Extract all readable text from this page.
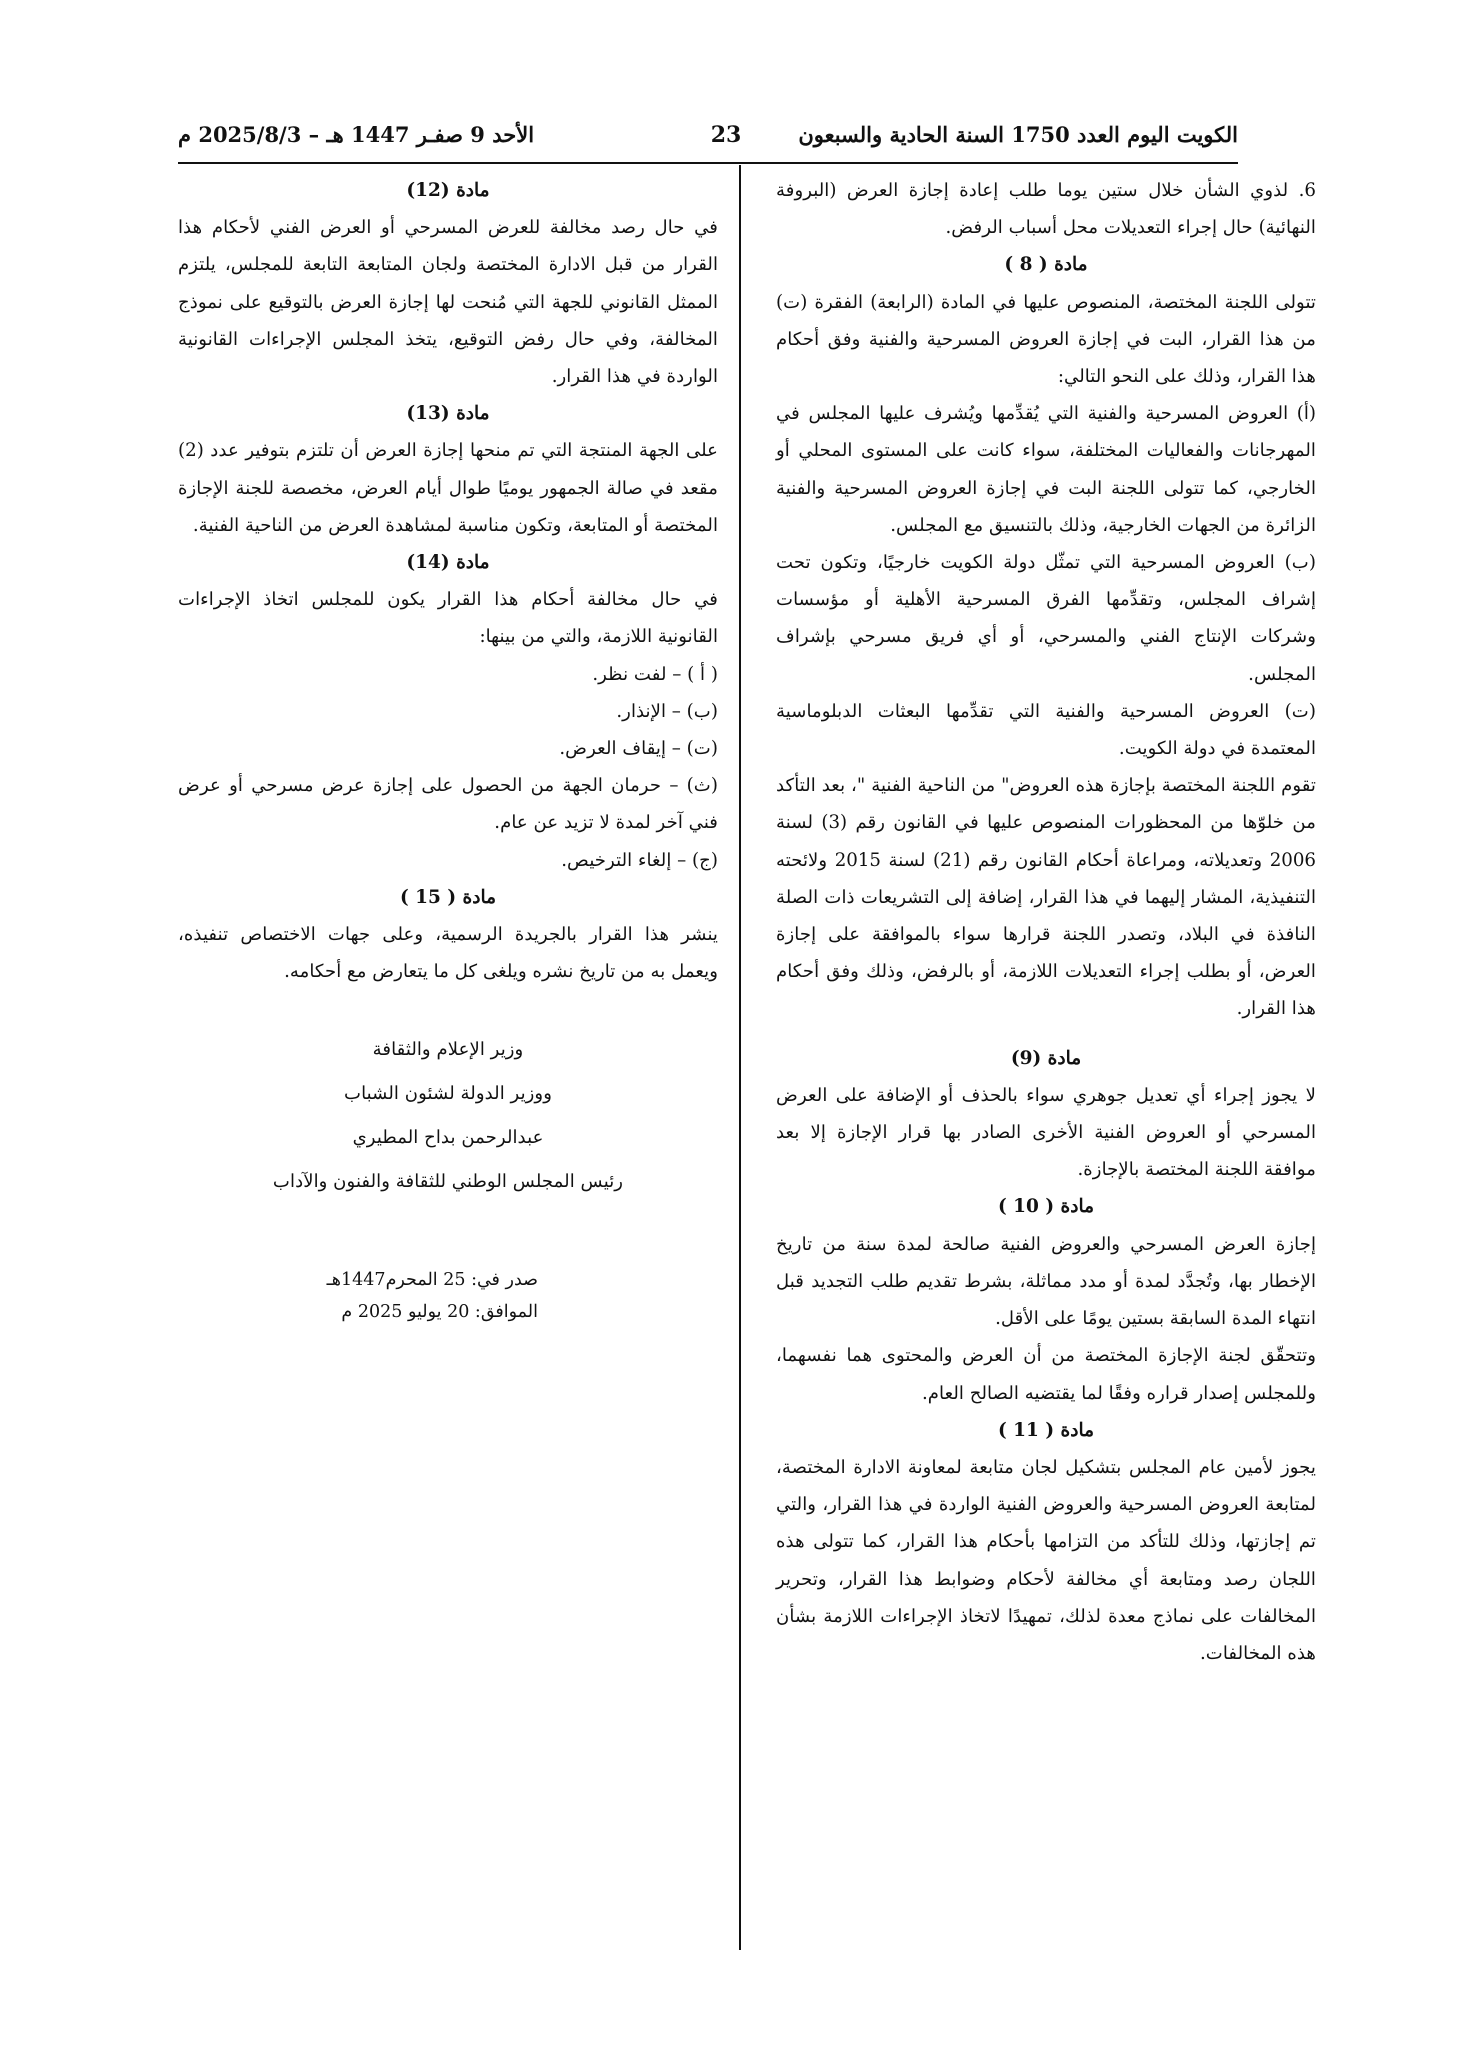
الكويت اليوم العدد 1750 السنة الحادية والسبعون
23
الأحد 9 صفـر 1447 هـ – 2025/8/3 م

6. لذوي الشأن خلال ستين يوما طلب إعادة إجازة العرض (البروفة النهائية) حال إجراء التعديلات محل أسباب الرفض.

مادة ( 8 )

تتولى اللجنة المختصة، المنصوص عليها في المادة (الرابعة) الفقرة (ت) من هذا القرار، البت في إجازة العروض المسرحية والفنية وفق أحكام هذا القرار، وذلك على النحو التالي:

(أ) العروض المسرحية والفنية التي يُقدِّمها ويُشرف عليها المجلس في المهرجانات والفعاليات المختلفة، سواء كانت على المستوى المحلي أو الخارجي، كما تتولى اللجنة البت في إجازة العروض المسرحية والفنية الزائرة من الجهات الخارجية، وذلك بالتنسيق مع المجلس.

(ب) العروض المسرحية التي تمثّل دولة الكويت خارجيًا، وتكون تحت إشراف المجلس، وتقدِّمها الفرق المسرحية الأهلية أو مؤسسات وشركات الإنتاج الفني والمسرحي، أو أي فريق مسرحي بإشراف المجلس.

(ت) العروض المسرحية والفنية التي تقدِّمها البعثات الدبلوماسية المعتمدة في دولة الكويت.

تقوم اللجنة المختصة بإجازة هذه العروض" من الناحية الفنية "، بعد التأكد من خلوّها من المحظورات المنصوص عليها في القانون رقم (3) لسنة 2006 وتعديلاته، ومراعاة أحكام القانون رقم (21) لسنة 2015 ولائحته التنفيذية، المشار إليهما في هذا القرار، إضافة إلى التشريعات ذات الصلة النافذة في البلاد، وتصدر اللجنة قرارها سواء بالموافقة على إجازة العرض، أو بطلب إجراء التعديلات اللازمة، أو بالرفض، وذلك وفق أحكام هذا القرار.

مادة (9)

لا يجوز إجراء أي تعديل جوهري سواء بالحذف أو الإضافة على العرض المسرحي أو العروض الفنية الأخرى الصادر بها قرار الإجازة إلا بعد موافقة اللجنة المختصة بالإجازة.

مادة ( 10 )

إجازة العرض المسرحي والعروض الفنية صالحة لمدة سنة من تاريخ الإخطار بها، وتُجدَّد لمدة أو مدد مماثلة، بشرط تقديم طلب التجديد قبل انتهاء المدة السابقة بستين يومًا على الأقل.

وتتحقّق لجنة الإجازة المختصة من أن العرض والمحتوى هما نفسهما، وللمجلس إصدار قراره وفقًا لما يقتضيه الصالح العام.

مادة ( 11 )

يجوز لأمين عام المجلس بتشكيل لجان متابعة لمعاونة الادارة المختصة، لمتابعة العروض المسرحية والعروض الفنية الواردة في هذا القرار، والتي تم إجازتها، وذلك للتأكد من التزامها بأحكام هذا القرار، كما تتولى هذه اللجان رصد ومتابعة أي مخالفة لأحكام وضوابط هذا القرار، وتحرير المخالفات على نماذج معدة لذلك، تمهيدًا لاتخاذ الإجراءات اللازمة بشأن هذه المخالفات.

مادة (12)

في حال رصد مخالفة للعرض المسرحي أو العرض الفني لأحكام هذا القرار من قبل الادارة المختصة ولجان المتابعة التابعة للمجلس، يلتزم الممثل القانوني للجهة التي مُنحت لها إجازة العرض بالتوقيع على نموذج المخالفة، وفي حال رفض التوقيع، يتخذ المجلس الإجراءات القانونية الواردة في هذا القرار.

مادة (13)

على الجهة المنتجة التي تم منحها إجازة العرض أن تلتزم بتوفير عدد (2) مقعد في صالة الجمهور يوميًا طوال أيام العرض، مخصصة للجنة الإجازة المختصة أو المتابعة، وتكون مناسبة لمشاهدة العرض من الناحية الفنية.

مادة (14)

في حال مخالفة أحكام هذا القرار يكون للمجلس اتخاذ الإجراءات القانونية اللازمة، والتي من بينها:

( أ ) – لفت نظر.

(ب) – الإنذار.

(ت) – إيقاف العرض.

(ث) – حرمان الجهة من الحصول على إجازة عرض مسرحي أو عرض فني آخر لمدة لا تزيد عن عام.

(ج) – إلغاء الترخيص.

مادة ( 15 )

ينشر هذا القرار بالجريدة الرسمية، وعلى جهات الاختصاص تنفيذه، ويعمل به من تاريخ نشره ويلغى كل ما يتعارض مع أحكامه.

وزير الإعلام والثقافة
ووزير الدولة لشئون الشباب
عبدالرحمن بداح المطيري
رئيس المجلس الوطني للثقافة والفنون والآداب
صدر في: 25 المحرم1447هـ
الموافق: 20 يوليو 2025 م
